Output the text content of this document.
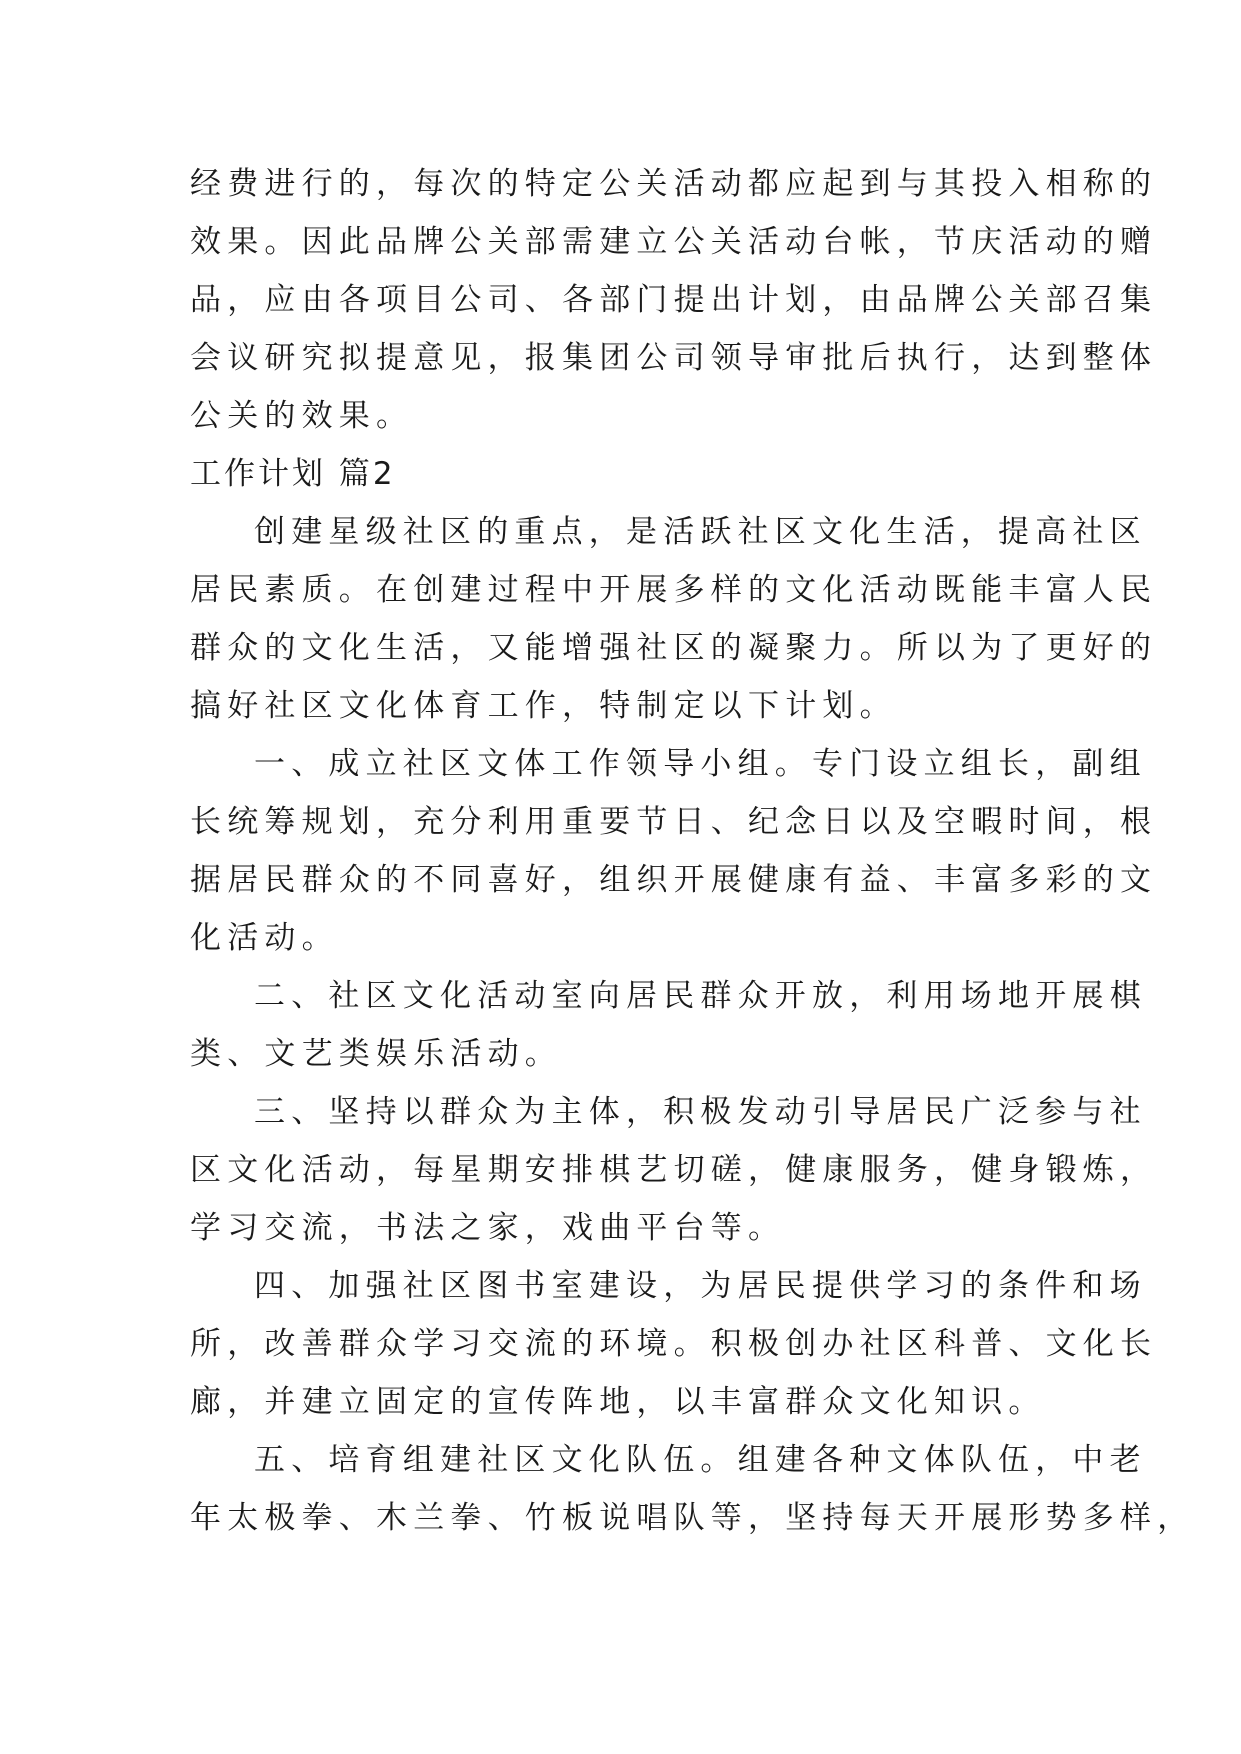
经费进行的，每次的特定公关活动都应起到与其投入相称的
效果。因此品牌公关部需建立公关活动台帐，节庆活动的赠
品，应由各项目公司、各部门提出计划，由品牌公关部召集
会议研究拟提意见，报集团公司领导审批后执行，达到整体
公关的效果。
工作计划 篇2
创建星级社区的重点，是活跃社区文化生活，提高社区
居民素质。在创建过程中开展多样的文化活动既能丰富人民
群众的文化生活，又能增强社区的凝聚力。所以为了更好的
搞好社区文化体育工作，特制定以下计划。
一、成立社区文体工作领导小组。专门设立组长，副组
长统筹规划，充分利用重要节日、纪念日以及空暇时间，根
据居民群众的不同喜好，组织开展健康有益、丰富多彩的文
化活动。
二、社区文化活动室向居民群众开放，利用场地开展棋
类、文艺类娱乐活动。
三、坚持以群众为主体，积极发动引导居民广泛参与社
区文化活动，每星期安排棋艺切磋，健康服务，健身锻炼，
学习交流，书法之家，戏曲平台等。
四、加强社区图书室建设，为居民提供学习的条件和场
所，改善群众学习交流的环境。积极创办社区科普、文化长
廊，并建立固定的宣传阵地，以丰富群众文化知识。
五、培育组建社区文化队伍。组建各种文体队伍，中老
年太极拳、木兰拳、竹板说唱队等，坚持每天开展形势多样，
